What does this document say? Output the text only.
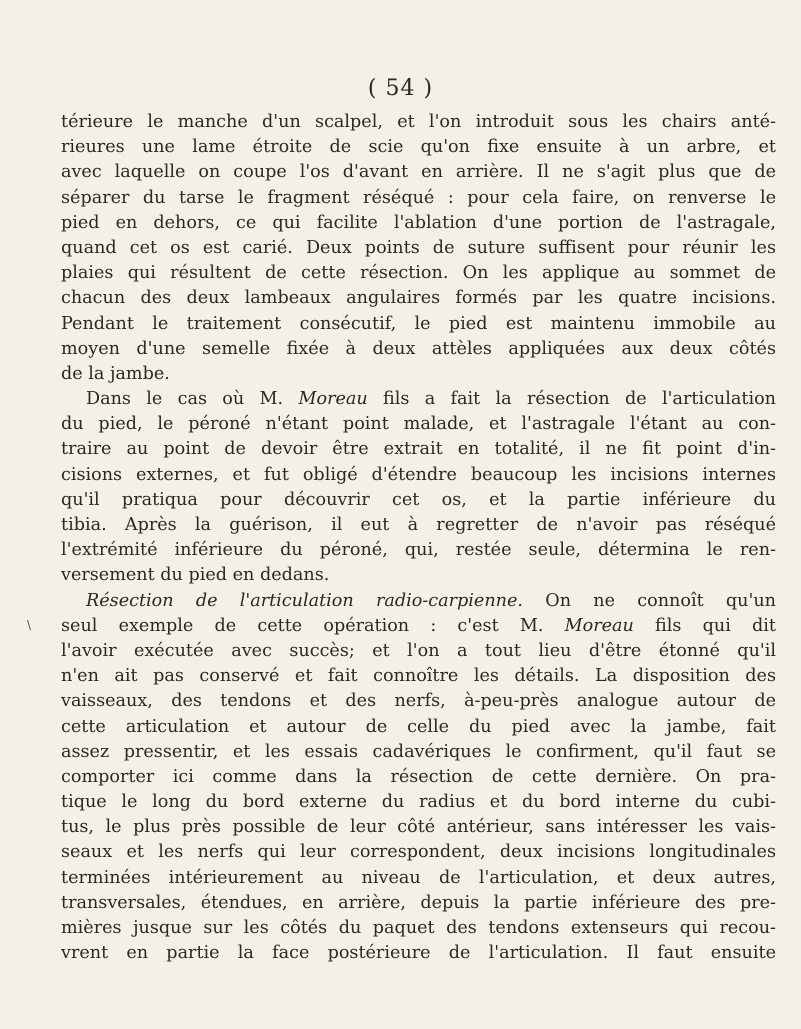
( 54 )
térieure le manche d'un scalpel, et l'on introduit sous les chairs anté-
rieures une lame étroite de scie qu'on fixe ensuite à un arbre, et
avec laquelle on coupe l'os d'avant en arrière. Il ne s'agit plus que de
séparer du tarse le fragment réséqué : pour cela faire, on renverse le
pied en dehors, ce qui facilite l'ablation d'une portion de l'astragale,
quand cet os est carié. Deux points de suture suffisent pour réunir les
plaies qui résultent de cette résection. On les applique au sommet de
chacun des deux lambeaux angulaires formés par les quatre incisions.
Pendant le traitement consécutif, le pied est maintenu immobile au
moyen d'une semelle fixée à deux attèles appliquées aux deux côtés
de la jambe.
Dans le cas où M. Moreau fils a fait la résection de l'articulation
du pied, le péroné n'étant point malade, et l'astragale l'étant au con-
traire au point de devoir être extrait en totalité, il ne fit point d'in-
cisions externes, et fut obligé d'étendre beaucoup les incisions internes
qu'il pratiqua pour découvrir cet os, et la partie inférieure du
tibia. Après la guérison, il eut à regretter de n'avoir pas réséqué
l'extrémité inférieure du péroné, qui, restée seule, détermina le ren-
versement du pied en dedans.
Résection de l'articulation radio-carpienne. On ne connoît qu'un
seul exemple de cette opération : c'est M. Moreau fils qui dit
l'avoir exécutée avec succès; et l'on a tout lieu d'être étonné qu'il
n'en ait pas conservé et fait connoître les détails. La disposition des
vaisseaux, des tendons et des nerfs, à-peu-près analogue autour de
cette articulation et autour de celle du pied avec la jambe, fait
assez pressentir, et les essais cadavériques le confirment, qu'il faut se
comporter ici comme dans la résection de cette dernière. On pra-
tique le long du bord externe du radius et du bord interne du cubi-
tus, le plus près possible de leur côté antérieur, sans intéresser les vais-
seaux et les nerfs qui leur correspondent, deux incisions longitudinales
terminées intérieurement au niveau de l'articulation, et deux autres,
transversales, étendues, en arrière, depuis la partie inférieure des pre-
mières jusque sur les côtés du paquet des tendons extenseurs qui recou-
vrent en partie la face postérieure de l'articulation. Il faut ensuite
\
